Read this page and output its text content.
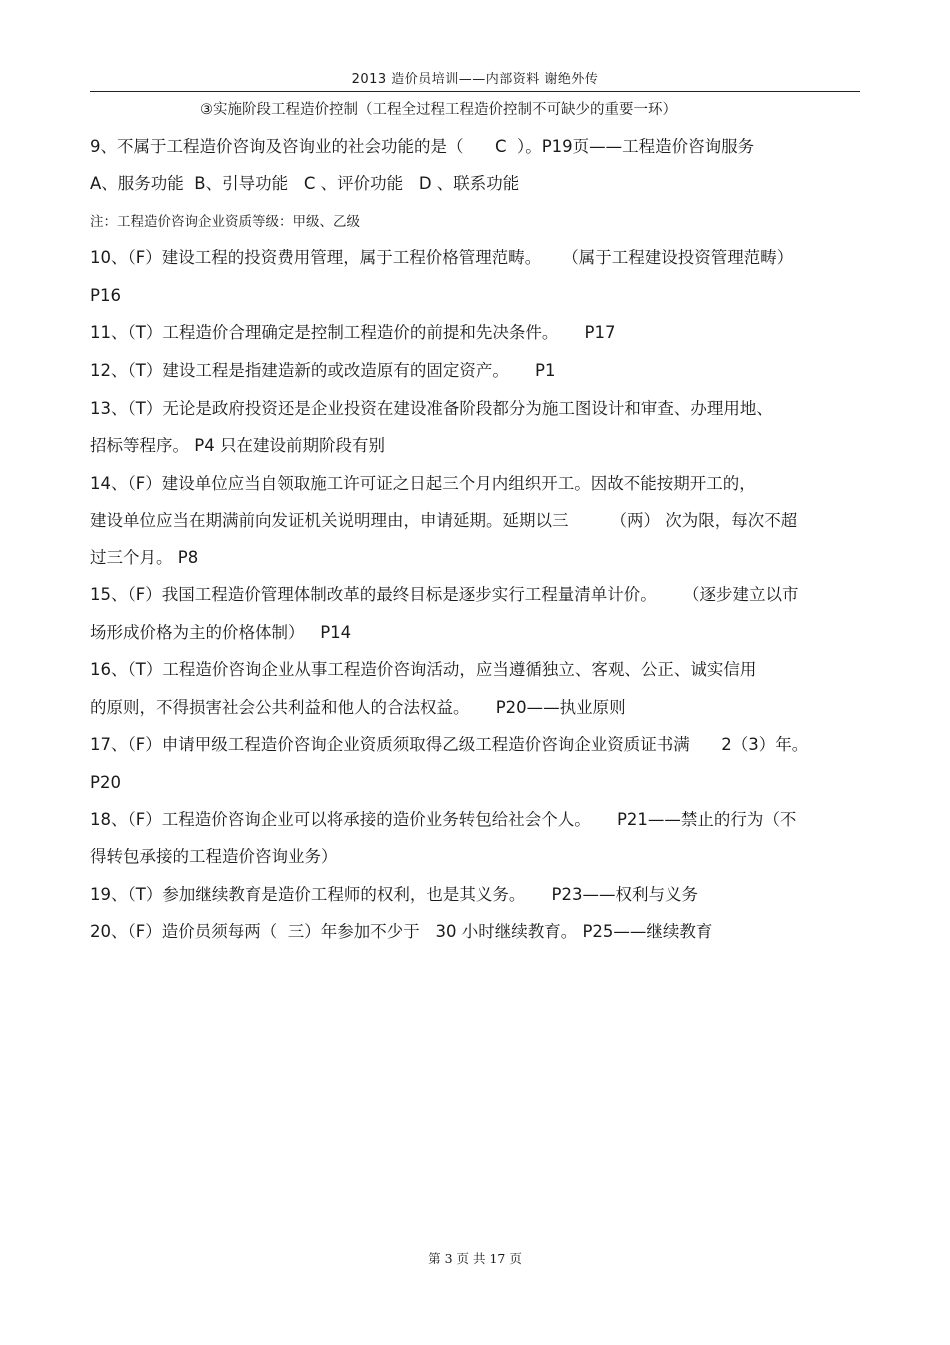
2013 造价员培训——内部资料 谢绝外传
③实施阶段工程造价控制（工程全过程工程造价控制不可缺少的重要一环）
9、不属于工程造价咨询及咨询业的社会功能的是（      C  ）。P19页——工程造价咨询服务
A、服务功能  B、引导功能   C 、评价功能   D 、联系功能
注：工程造价咨询企业资质等级：甲级、乙级
10、（F）建设工程的投资费用管理，属于工程价格管理范畴。    （属于工程建设投资管理范畴）
P16
11、（T）工程造价合理确定是控制工程造价的前提和先决条件。     P17
12、（T）建设工程是指建造新的或改造原有的固定资产。     P1
13、（T）无论是政府投资还是企业投资在建设准备阶段都分为施工图设计和审查、办理用地、
招标等程序。 P4 只在建设前期阶段有别
14、（F）建设单位应当自领取施工许可证之日起三个月内组织开工。因故不能按期开工的，
建设单位应当在期满前向发证机关说明理由，申请延期。延期以三        （两） 次为限，每次不超
过三个月。 P8
15、（F）我国工程造价管理体制改革的最终目标是逐步实行工程量清单计价。     （逐步建立以市
场形成价格为主的价格体制）   P14
16、（T）工程造价咨询企业从事工程造价咨询活动，应当遵循独立、客观、公正、诚实信用
的原则，不得损害社会公共利益和他人的合法权益。     P20——执业原则
17、（F）申请甲级工程造价咨询企业资质须取得乙级工程造价咨询企业资质证书满      2（3）年。
P20
18、（F）工程造价咨询企业可以将承接的造价业务转包给社会个人。     P21——禁止的行为（不
得转包承接的工程造价咨询业务）
19、（T）参加继续教育是造价工程师的权利，也是其义务。     P23——权利与义务
20、（F）造价员须每两（  三）年参加不少于   30 小时继续教育。 P25——继续教育
第 3 页 共 17 页
